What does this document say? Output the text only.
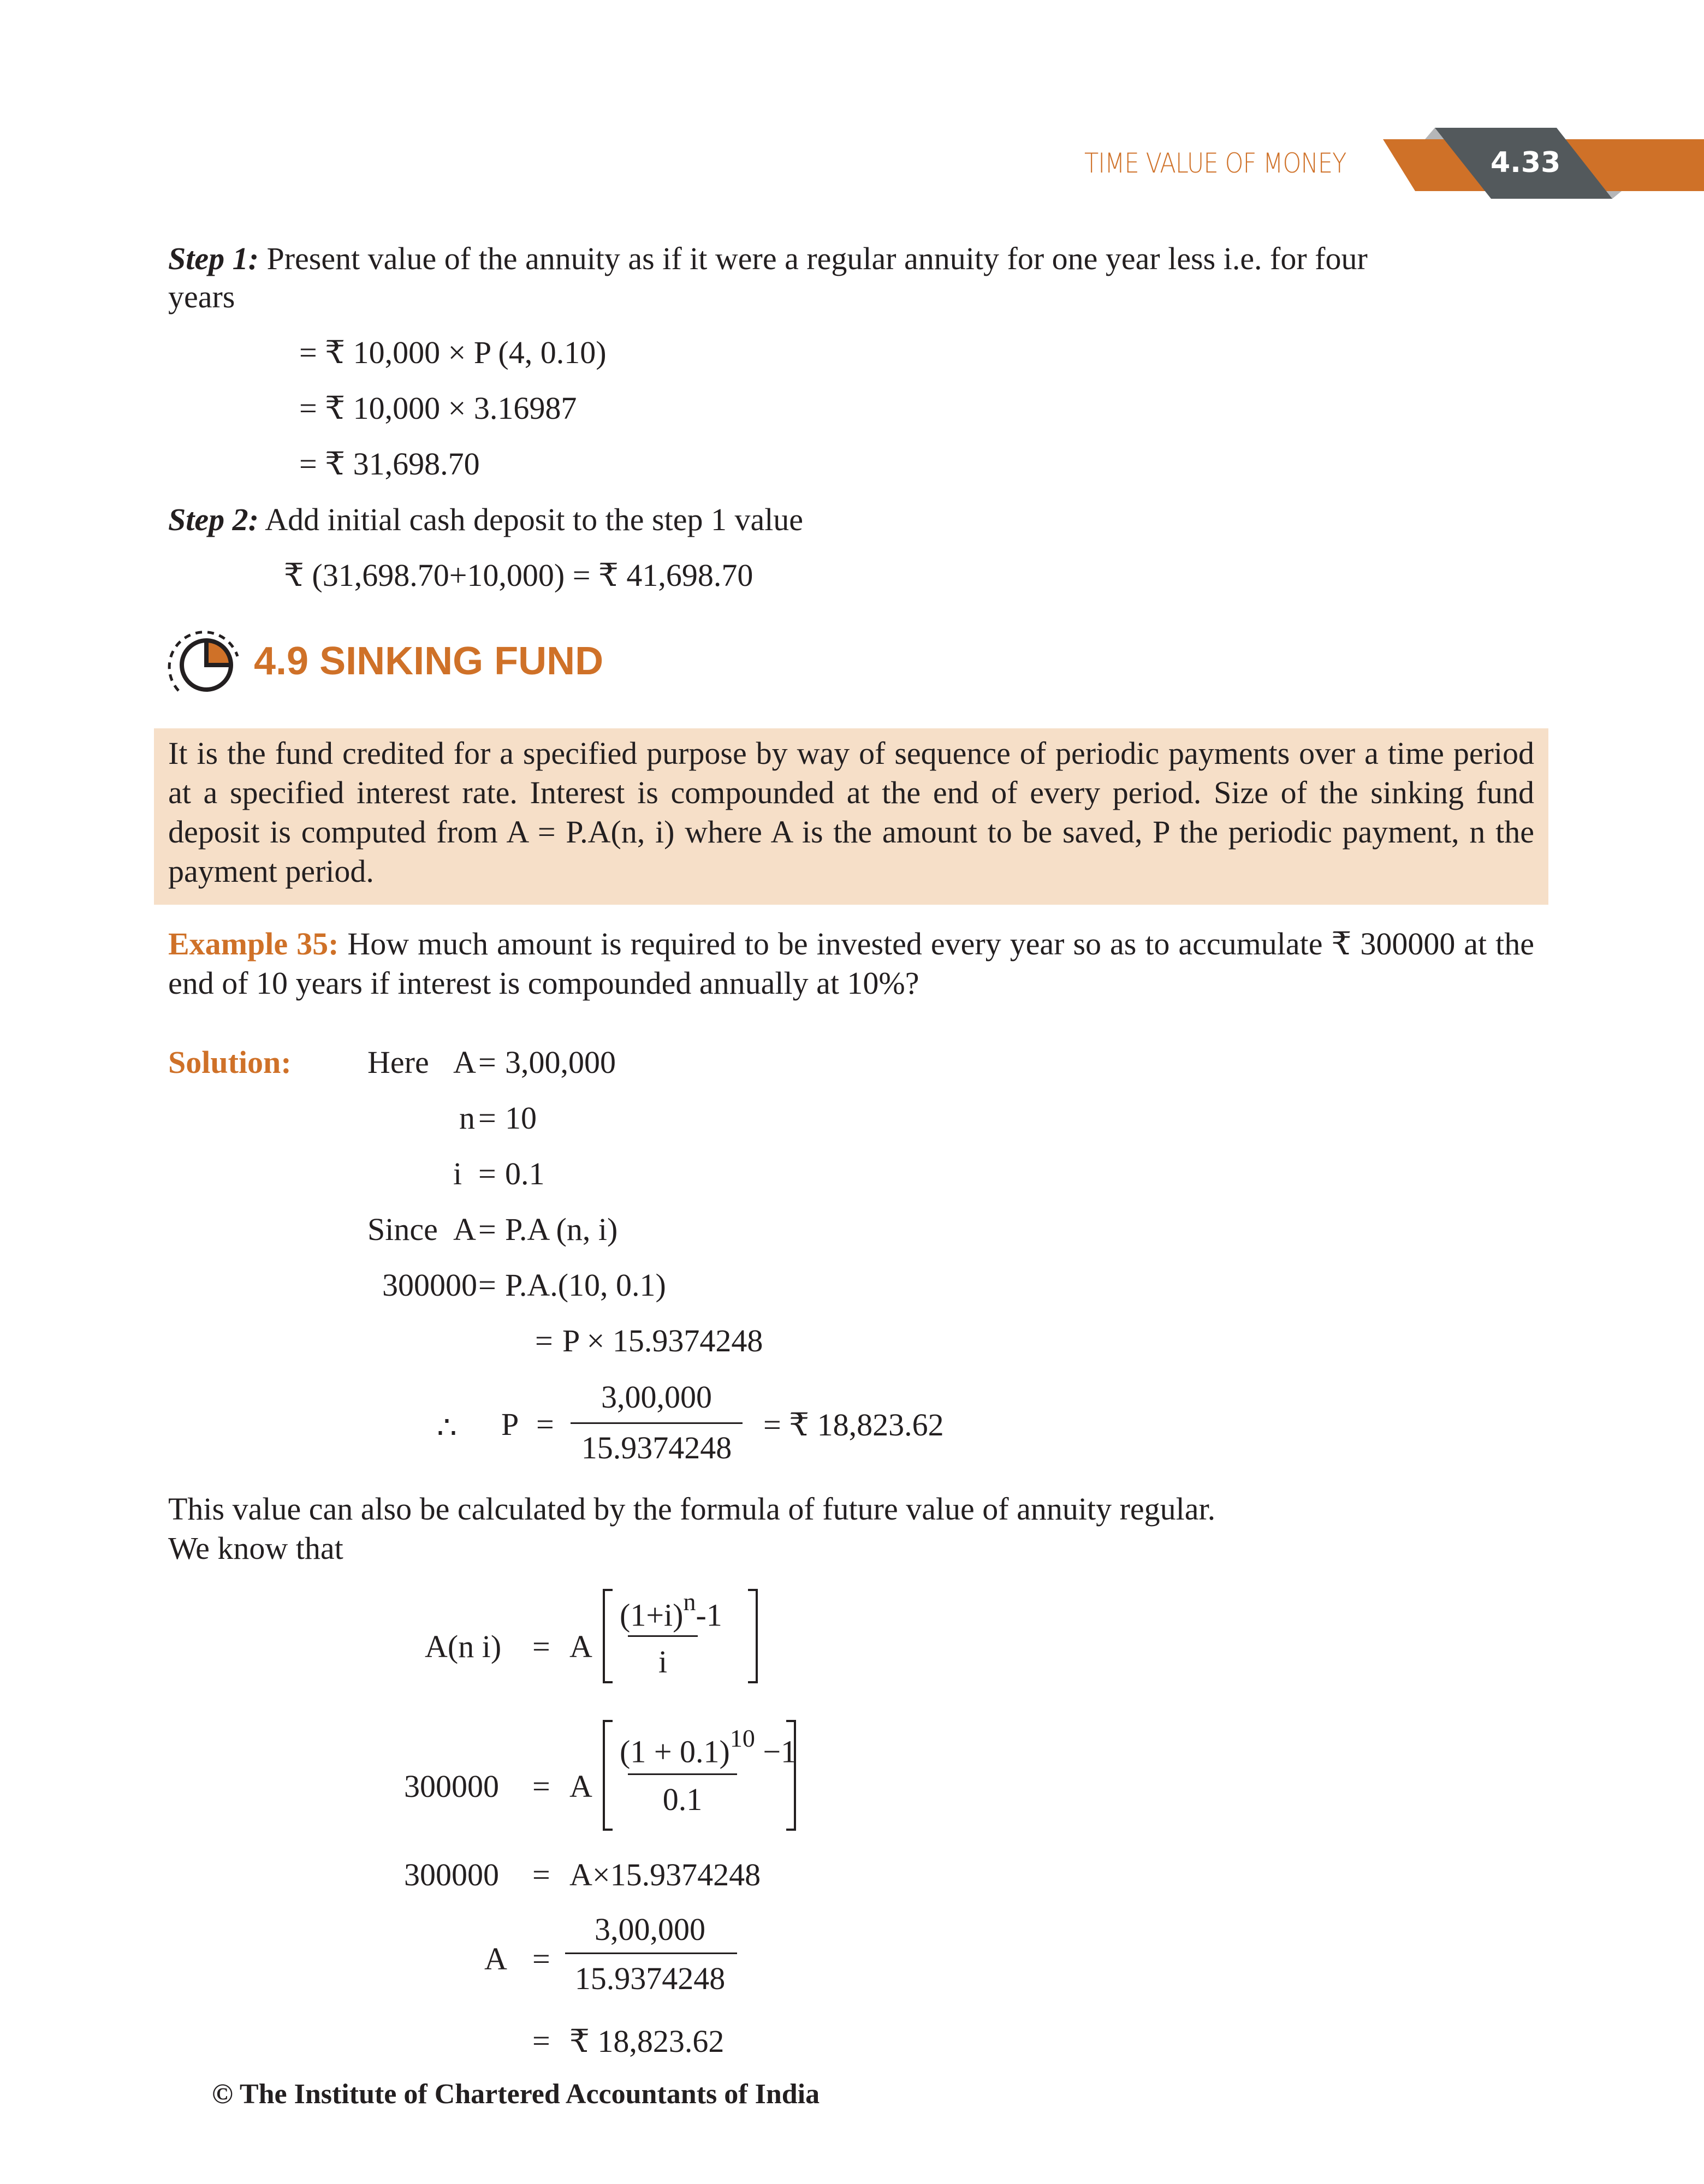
TIME VALUE OF MONEY	4.33
Step 1: Present value of the annuity as if it were a regular annuity for one year less i.e. for four
years
= ₹ 10,000 × P (4, 0.10)
= ₹ 10,000 × 3.16987
= ₹ 31,698.70
Step 2: Add initial cash deposit to the step 1 value
₹ (31,698.70+10,000) = ₹ 41,698.70
4.9 SINKING FUND
It is the fund credited for a specified purpose by way of sequence of periodic payments over a time period at a specified interest rate. Interest is compounded at the end of every period. Size of the sinking fund deposit is computed from A = P.A(n, i) where A is the amount to be saved, P the periodic payment, n the payment period.
Example 35: How much amount is required to be invested every year so as to accumulate ₹ 300000 at the end of 10 years if interest is compounded annually at 10%?
Solution: Here
Since
A = 3,00,000
n = 10
i = 0.1
A = P.A (n, i)
300000 = P.A.(10, 0.1)
= P × 15.9374248
∴ P =
3,00,000
15.9374248
= ₹ 18,823.62
This value can also be calculated by the formula of future value of annuity regular.
We know that
A(n i) = A
$(1+i)^n-1$
i
300000 = A
$(1 + 0.1)^{10} -1$
0.1
300000 = A×15.9374248
A =
3,00,000
15.9374248
= ₹ 18,823.62
© The Institute of Chartered Accountants of India
